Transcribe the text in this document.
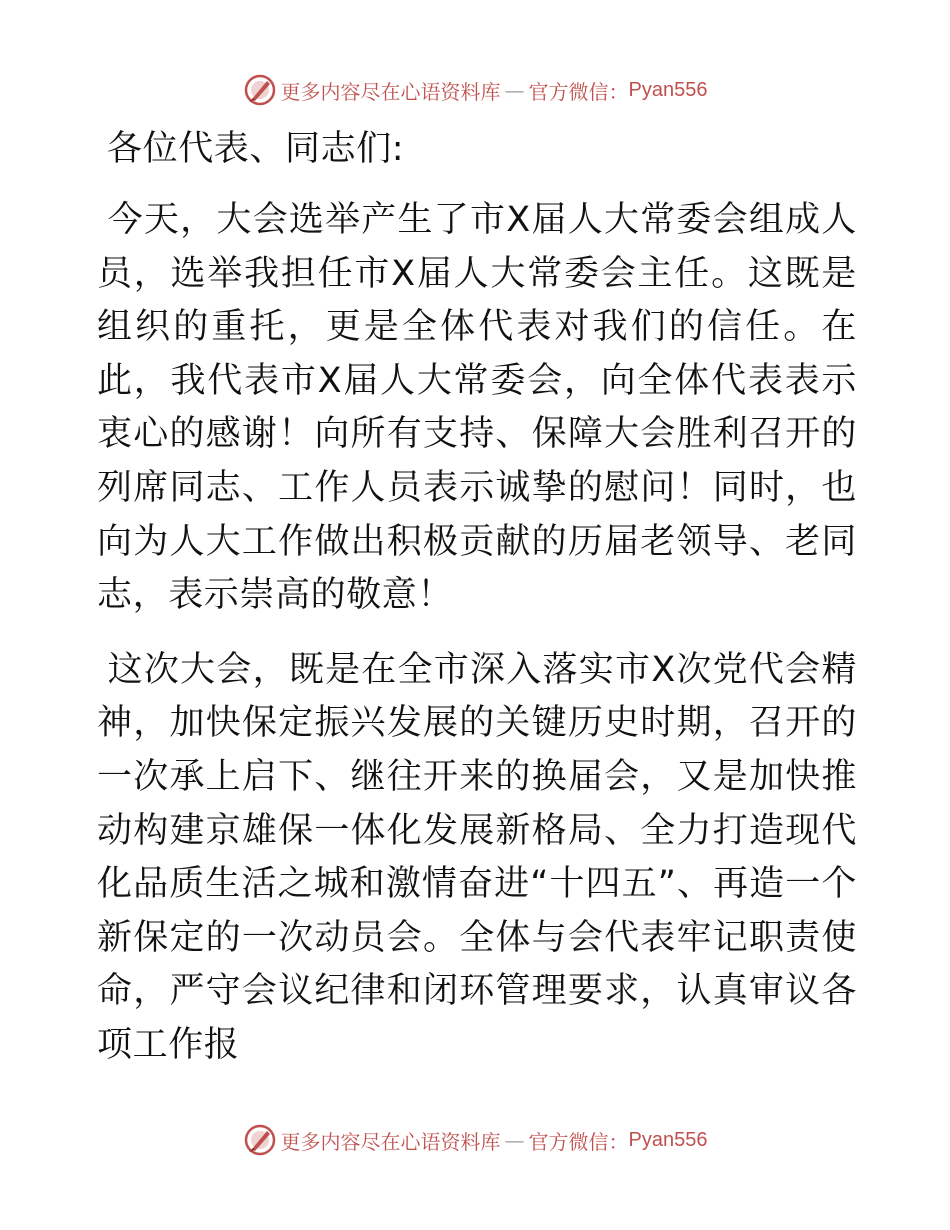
更多内容尽在心语资料库 — 官方微信： Pyan556

各位代表、同志们:

今天，大会选举产生了市X届人大常委会组成人员，选举我担任市X届人大常委会主任。这既是组织的重托，更是全体代表对我们的信任。在此，我代表市X届人大常委会，向全体代表表示衷心的感谢！向所有支持、保障大会胜利召开的列席同志、工作人员表示诚挚的慰问！同时，也向为人大工作做出积极贡献的历届老领导、老同志，表示崇高的敬意！

这次大会，既是在全市深入落实市X次党代会精神，加快保定振兴发展的关键历史时期，召开的一次承上启下、继往开来的换届会，又是加快推动构建京雄保一体化发展新格局、全力打造现代化品质生活之城和激情奋进“十四五”、再造一个新保定的一次动员会。全体与会代表牢记职责使命，严守会议纪律和闭环管理要求，认真审议各项工作报

更多内容尽在心语资料库 — 官方微信： Pyan556
